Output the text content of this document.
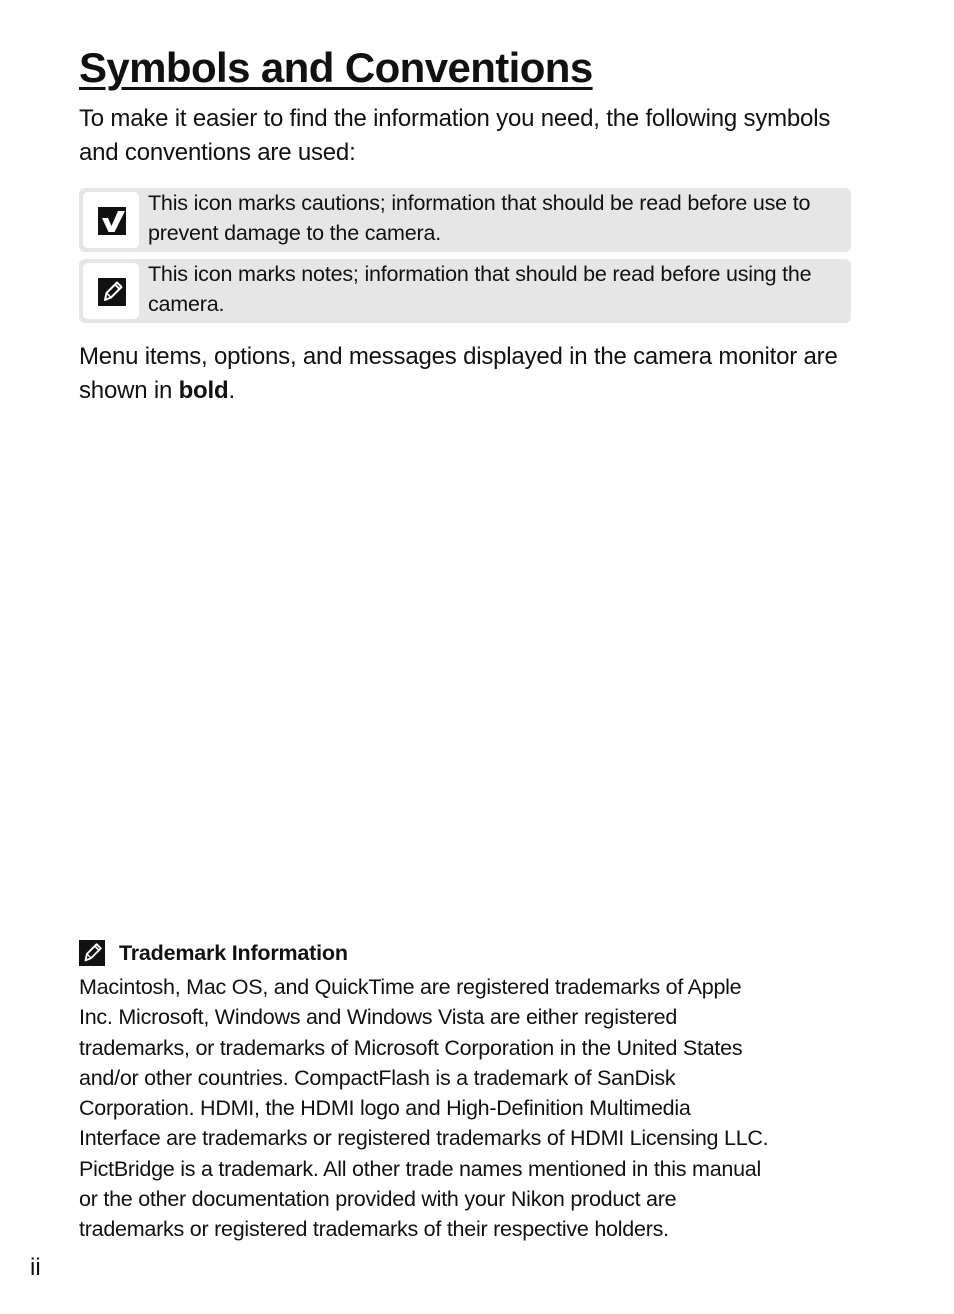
Symbols and Conventions

To make it easier to find the information you need, the following symbols and conventions are used:

This icon marks cautions; information that should be read before use to prevent damage to the camera.

This icon marks notes; information that should be read before using the camera.

Menu items, options, and messages displayed in the camera monitor are shown in bold.

Trademark Information

Macintosh, Mac OS, and QuickTime are registered trademarks of Apple
Inc. Microsoft, Windows and Windows Vista are either registered
trademarks, or trademarks of Microsoft Corporation in the United States
and/or other countries. CompactFlash is a trademark of SanDisk
Corporation. HDMI, the HDMI logo and High-Definition Multimedia
Interface are trademarks or registered trademarks of HDMI Licensing LLC.
PictBridge is a trademark. All other trade names mentioned in this manual
or the other documentation provided with your Nikon product are
trademarks or registered trademarks of their respective holders.

ii
